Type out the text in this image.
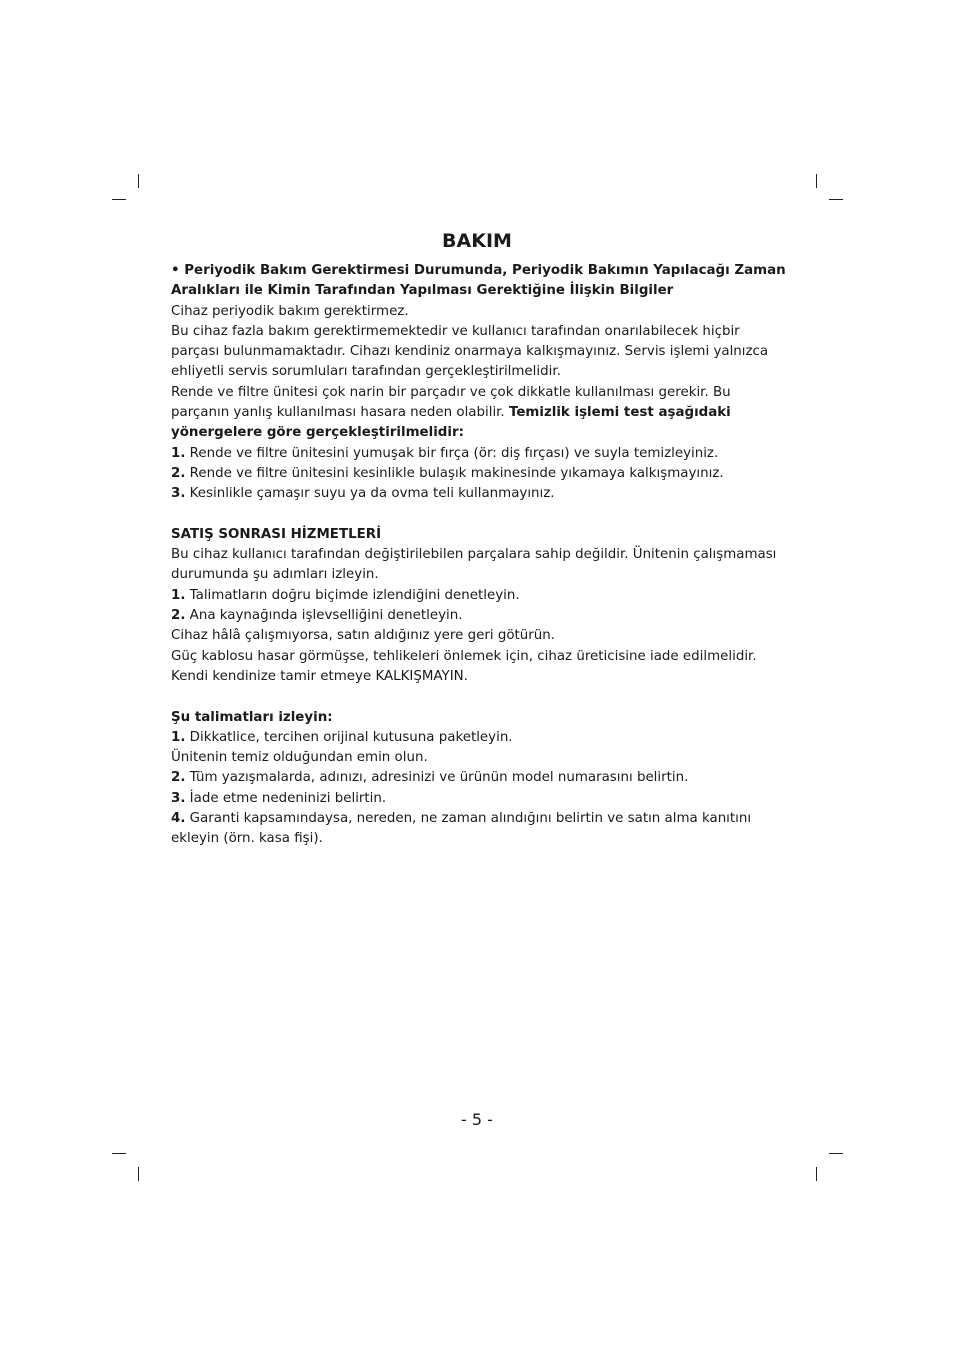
BAKIM

• Periyodik Bakım Gerektirmesi Durumunda, Periyodik Bakımın Yapılacağı Zaman Aralıkları ile Kimin Tarafından Yapılması Gerektiğine İlişkin Bilgiler

Cihaz periyodik bakım gerektirmez.

Bu cihaz fazla bakım gerektirmemektedir ve kullanıcı tarafından onarılabilecek hiçbir parçası bulunmamaktadır. Cihazı kendiniz onarmaya kalkışmayınız. Servis işlemi yalnızca ehliyetli servis sorumluları tarafından gerçekleştirilmelidir.

Rende ve filtre ünitesi çok narin bir parçadır ve çok dikkatle kullanılması gerekir. Bu parçanın yanlış kullanılması hasara neden olabilir. Temizlik işlemi test aşağıdaki yönergelere göre gerçekleştirilmelidir:

1. Rende ve filtre ünitesini yumuşak bir fırça (ör: diş fırçası) ve suyla temizleyiniz.

2. Rende ve filtre ünitesini kesinlikle bulaşık makinesinde yıkamaya kalkışmayınız.

3. Kesinlikle çamaşır suyu ya da ovma teli kullanmayınız.

SATIŞ SONRASI HİZMETLERİ

Bu cihaz kullanıcı tarafından değiştirilebilen parçalara sahip değildir. Ünitenin çalışmaması durumunda şu adımları izleyin.

1. Talimatların doğru biçimde izlendiğini denetleyin.

2. Ana kaynağında işlevselliğini denetleyin.

Cihaz hâlâ çalışmıyorsa, satın aldığınız yere geri götürün.

Güç kablosu hasar görmüşse, tehlikeleri önlemek için, cihaz üreticisine iade edilmelidir. Kendi kendinize tamir etmeye KALKIŞMAYIN.

Şu talimatları izleyin:

1. Dikkatlice, tercihen orijinal kutusuna paketleyin.

Ünitenin temiz olduğundan emin olun.

2. Tüm yazışmalarda, adınızı, adresinizi ve ürünün model numarasını belirtin.

3. İade etme nedeninizi belirtin.

4. Garanti kapsamındaysa, nereden, ne zaman alındığını belirtin ve satın alma kanıtını ekleyin (örn. kasa fişi).

- 5 -
